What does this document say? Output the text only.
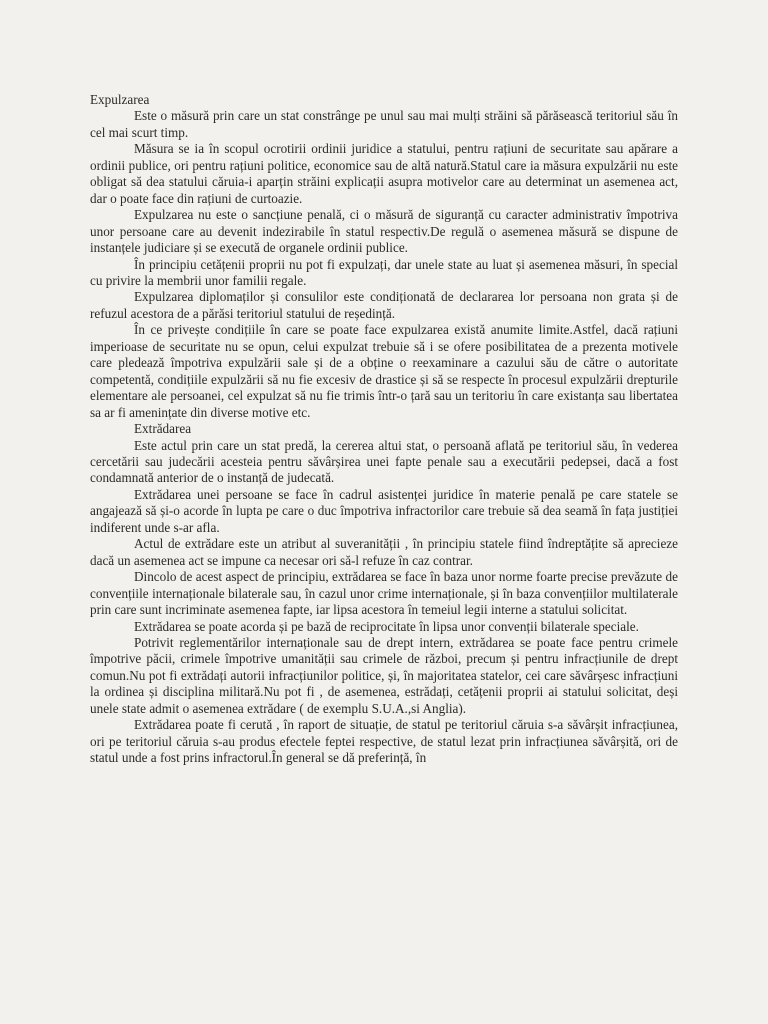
Expulzarea

Este o măsură prin care un stat constrânge pe unul sau mai mulți străini să părăsească teritoriul său în cel mai scurt timp.

Măsura se ia în scopul ocrotirii ordinii juridice a statului, pentru rațiuni de securitate sau apărare a ordinii publice, ori pentru rațiuni politice, economice sau de altă natură.Statul care ia măsura expulzării nu este obligat să dea statului căruia-i aparțin străini explicații asupra motivelor care au determinat un asemenea act, dar o poate face din rațiuni de curtoazie.

Expulzarea nu este o sancțiune penală, ci o măsură de siguranță cu caracter administrativ împotriva unor persoane care au devenit indezirabile în statul respectiv.De regulă o asemenea măsură se dispune de instanțele judiciare și se execută de organele ordinii publice.

În principiu cetățenii proprii nu pot fi expulzați, dar unele state au luat și asemenea măsuri, în special cu privire la membrii unor familii regale.

Expulzarea diplomaților și consulilor este condiționată de declararea lor persoana non grata și de refuzul acestora de a părăsi teritoriul statului de reședință.

În ce privește condițiile în care se poate face expulzarea există anumite limite.Astfel, dacă rațiuni imperioase de securitate nu se opun, celui expulzat trebuie să i se ofere posibilitatea de a prezenta motivele care pledează împotriva expulzării sale și de a obține o reexaminare a cazului său de către o autoritate competentă, condițiile expulzării să nu fie excesiv de drastice și să se respecte în procesul expulzării drepturile elementare ale persoanei, cel expulzat să nu fie trimis într-o țară sau un teritoriu în care existanța sau libertatea sa ar fi amenințate din diverse motive etc.

Extrădarea

Este actul prin care un stat predă, la cererea altui stat, o persoană aflată pe teritoriul său, în vederea cercetării sau judecării acesteia pentru săvârșirea unei fapte penale sau a executării pedepsei, dacă a fost condamnată anterior de o instanță de judecată.

Extrădarea unei persoane se face în cadrul asistenței juridice în materie penală pe care statele se angajează să și-o acorde în lupta pe care o duc împotriva infractorilor care trebuie să dea seamă în fața justiției indiferent unde s-ar afla.

Actul de extrădare este un atribut al suveranității , în principiu statele fiind îndreptățite să aprecieze dacă un asemenea act se impune ca necesar ori să-l refuze în caz contrar.

Dincolo de acest aspect de principiu, extrădarea se face în baza unor norme foarte precise prevăzute de convențiile internaționale bilaterale sau, în cazul unor crime internaționale, și în baza convențiilor multilaterale prin care sunt incriminate asemenea fapte, iar lipsa acestora în temeiul legii interne a statului solicitat.

Extrădarea se poate acorda și pe bază de reciprocitate în lipsa unor convenții bilaterale speciale.

Potrivit reglementărilor internaționale sau de drept intern, extrădarea se poate face pentru crimele împotrive păcii, crimele împotrive umanității sau crimele de război, precum și pentru infracțiunile de drept comun.Nu pot fi extrădați autorii infracțiunilor politice, și, în majoritatea statelor, cei care săvârșesc infracțiuni la ordinea și disciplina militară.Nu pot fi , de asemenea, estrădați, cetățenii proprii ai statului solicitat, deși unele state admit o asemenea extrădare ( de exemplu S.U.A.,si Anglia).

Extrădarea poate fi cerută , în raport de situație, de statul pe teritoriul căruia s-a săvârșit infracțiunea, ori pe teritoriul căruia s-au produs efectele feptei respective, de statul lezat prin infracțiunea săvârșită, ori de statul unde a fost prins infractorul.În general se dă preferință, în
